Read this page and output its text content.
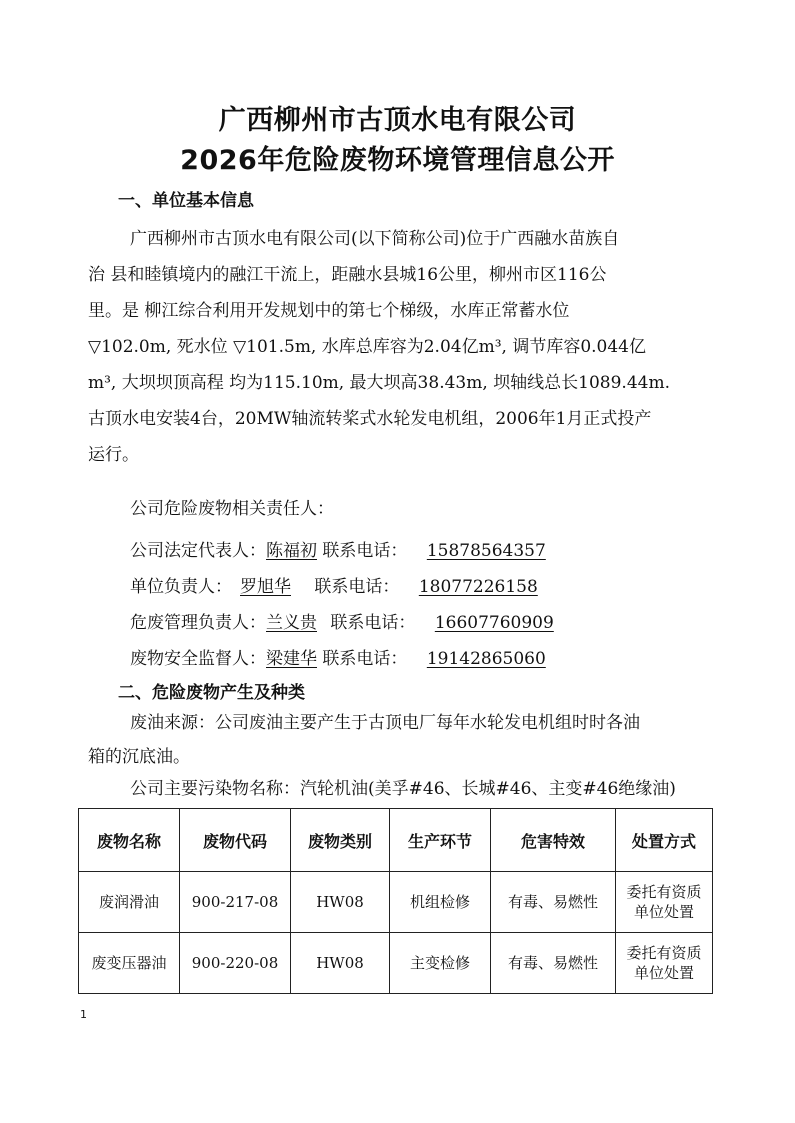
广西柳州市古顶水电有限公司
2026年危险废物环境管理信息公开
一、单位基本信息
广西柳州市古顶水电有限公司(以下简称公司)位于广西融水苗族自
治 县和睦镇境内的融江干流上，距融水县城16公里，柳州市区116公
里。是 柳江综合利用开发规划中的第七个梯级，水库正常蓄水位
▽102.0m, 死水位 ▽101.5m, 水库总库容为2.04亿m³, 调节库容0.044亿
m³, 大坝坝顶高程 均为115.10m, 最大坝高38.43m, 坝轴线总长1089.44m.
古顶水电安装4台，20MW轴流转桨式水轮发电机组，2006年1月正式投产
运行。
公司危险废物相关责任人：
公司法定代表人：陈福初 联系电话： 15878564357
单位负责人： 罗旭华 联系电话： 18077226158
危废管理负责人：兰义贵 联系电话： 16607760909
废物安全监督人：梁建华 联系电话： 19142865060
二、危险废物产生及种类
废油来源：公司废油主要产生于古顶电厂每年水轮发电机组时时各油
箱的沉底油。
公司主要污染物名称：汽轮机油(美孚#46、长城#46、主变#46绝缘油)
废物名称	废物代码	废物类别	生产环节	危害特效	处置方式
废润滑油	900-217-08	HW08	机组检修	有毒、易燃性	委托有资质单位处置
废变压器油	900-220-08	HW08	主变检修	有毒、易燃性	委托有资质单位处置
1
